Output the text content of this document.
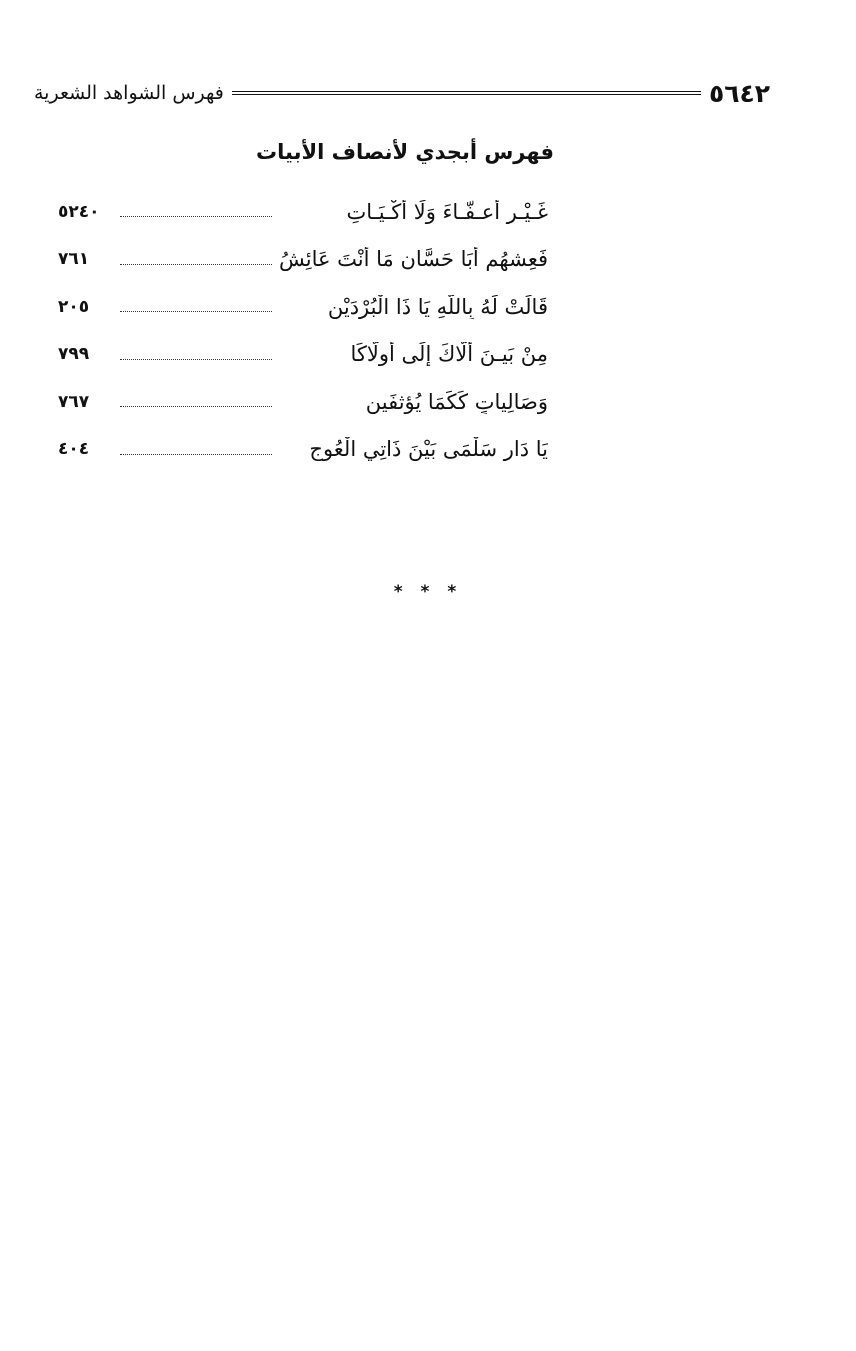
٥٦٤٢
فهرس الشواهد الشعرية
فهرس أبجدي لأنصاف الأبيات
غَـيْـرِ أعـفّـاءَ وَلَا أَكْـيَـاتِ
٥٢٤٠
فَعِشهُم أَبَا حَسَّان مَا أَنْتَ عَائِشُ
٧٦١
قَالَتْ لَهُ بِاللَّهِ يَا ذَا الْبُرْدَيْنِ
٢٠٥
مِنْ بَيـنَ أَلَّاكَ إِلَى أُولَّاكَا
٧٩٩
وَصَالِياتٍ كَكَمَا يُؤثفَين
٧٦٧
يَا دَار سَلْمَى بَيْنَ ذَاتِي الْعُوجِ
٤٠٤
* * *
